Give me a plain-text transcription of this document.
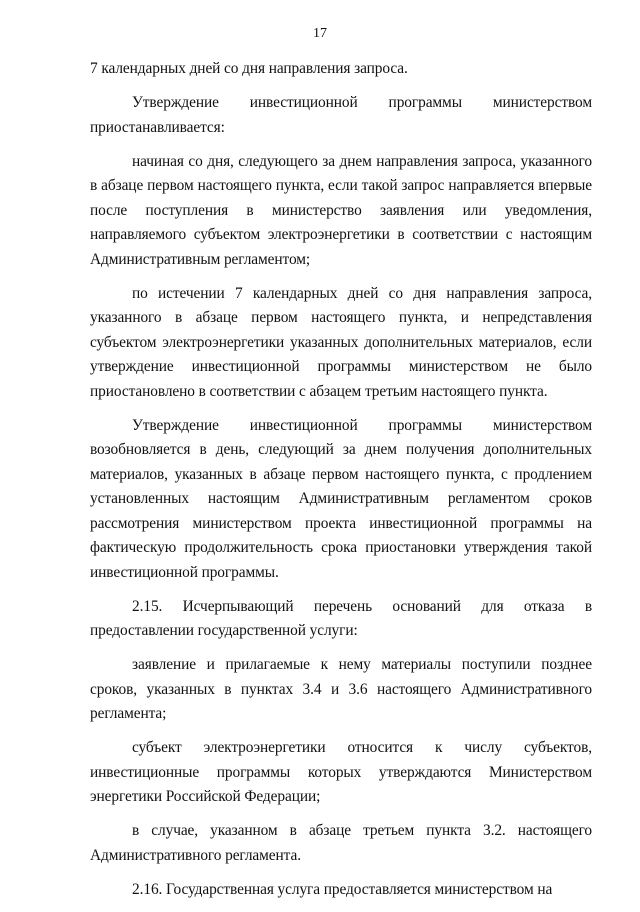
17

7 календарных дней со дня направления запроса.

Утверждение инвестиционной программы министерством приостанавливается:

начиная со дня, следующего за днем направления запроса, указанного в абзаце первом настоящего пункта, если такой запрос направляется впервые после поступления в министерство заявления или уведомления, направляемого субъектом электроэнергетики в соответствии с настоящим Административным регламентом;

по истечении 7 календарных дней со дня направления запроса, указанного в абзаце первом настоящего пункта, и непредставления субъектом электроэнергетики указанных дополнительных материалов, если утверждение инвестиционной программы министерством не было приостановлено в соответствии с абзацем третьим настоящего пункта.

Утверждение инвестиционной программы министерством возобновляется в день, следующий за днем получения дополнительных материалов, указанных в абзаце первом настоящего пункта, с продлением установленных настоящим Административным регламентом сроков рассмотрения министерством проекта инвестиционной программы на фактическую продолжительность срока приостановки утверждения такой инвестиционной программы.

2.15. Исчерпывающий перечень оснований для отказа в предоставлении государственной услуги:

заявление и прилагаемые к нему материалы поступили позднее сроков, указанных в пунктах 3.4 и 3.6 настоящего Административного регламента;

субъект электроэнергетики относится к числу субъектов, инвестиционные программы которых утверждаются Министерством энергетики Российской Федерации;

в случае, указанном в абзаце третьем пункта 3.2. настоящего Административного регламента.

2.16. Государственная услуга предоставляется министерством на
